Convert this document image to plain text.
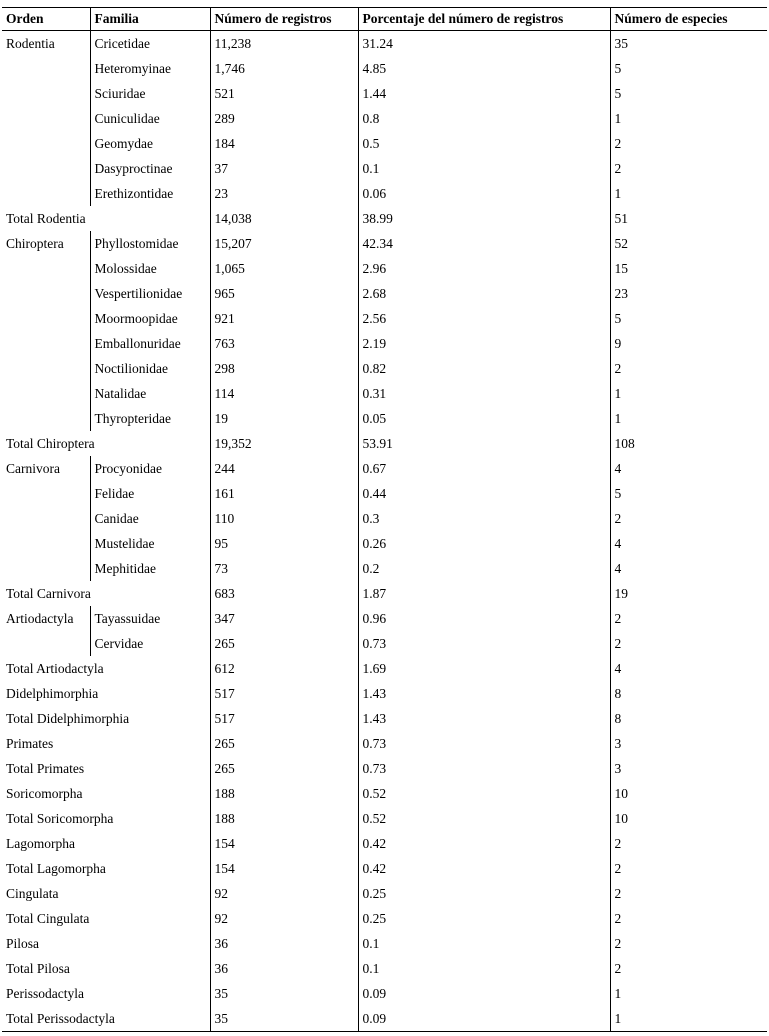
Orden	Familia	Número de registros	Porcentaje del número de registros	Número de especies
Rodentia	Cricetidae	11,238	31.24	35
	Heteromyinae	1,746	4.85	5
	Sciuridae	521	1.44	5
	Cuniculidae	289	0.8	1
	Geomydae	184	0.5	2
	Dasyproctinae	37	0.1	2
	Erethizontidae	23	0.06	1
Total Rodentia		14,038	38.99	51
Chiroptera	Phyllostomidae	15,207	42.34	52
	Molossidae	1,065	2.96	15
	Vespertilionidae	965	2.68	23
	Moormoopidae	921	2.56	5
	Emballonuridae	763	2.19	9
	Noctilionidae	298	0.82	2
	Natalidae	114	0.31	1
	Thyropteridae	19	0.05	1
Total Chiroptera		19,352	53.91	108
Carnivora	Procyonidae	244	0.67	4
	Felidae	161	0.44	5
	Canidae	110	0.3	2
	Mustelidae	95	0.26	4
	Mephitidae	73	0.2	4
Total Carnivora		683	1.87	19
Artiodactyla	Tayassuidae	347	0.96	2
	Cervidae	265	0.73	2
Total Artiodactyla		612	1.69	4
Didelphimorphia		517	1.43	8
Total Didelphimorphia		517	1.43	8
Primates		265	0.73	3
Total Primates		265	0.73	3
Soricomorpha		188	0.52	10
Total Soricomorpha		188	0.52	10
Lagomorpha		154	0.42	2
Total Lagomorpha		154	0.42	2
Cingulata		92	0.25	2
Total Cingulata		92	0.25	2
Pilosa		36	0.1	2
Total Pilosa		36	0.1	2
Perissodactyla		35	0.09	1
Total Perissodactyla		35	0.09	1
